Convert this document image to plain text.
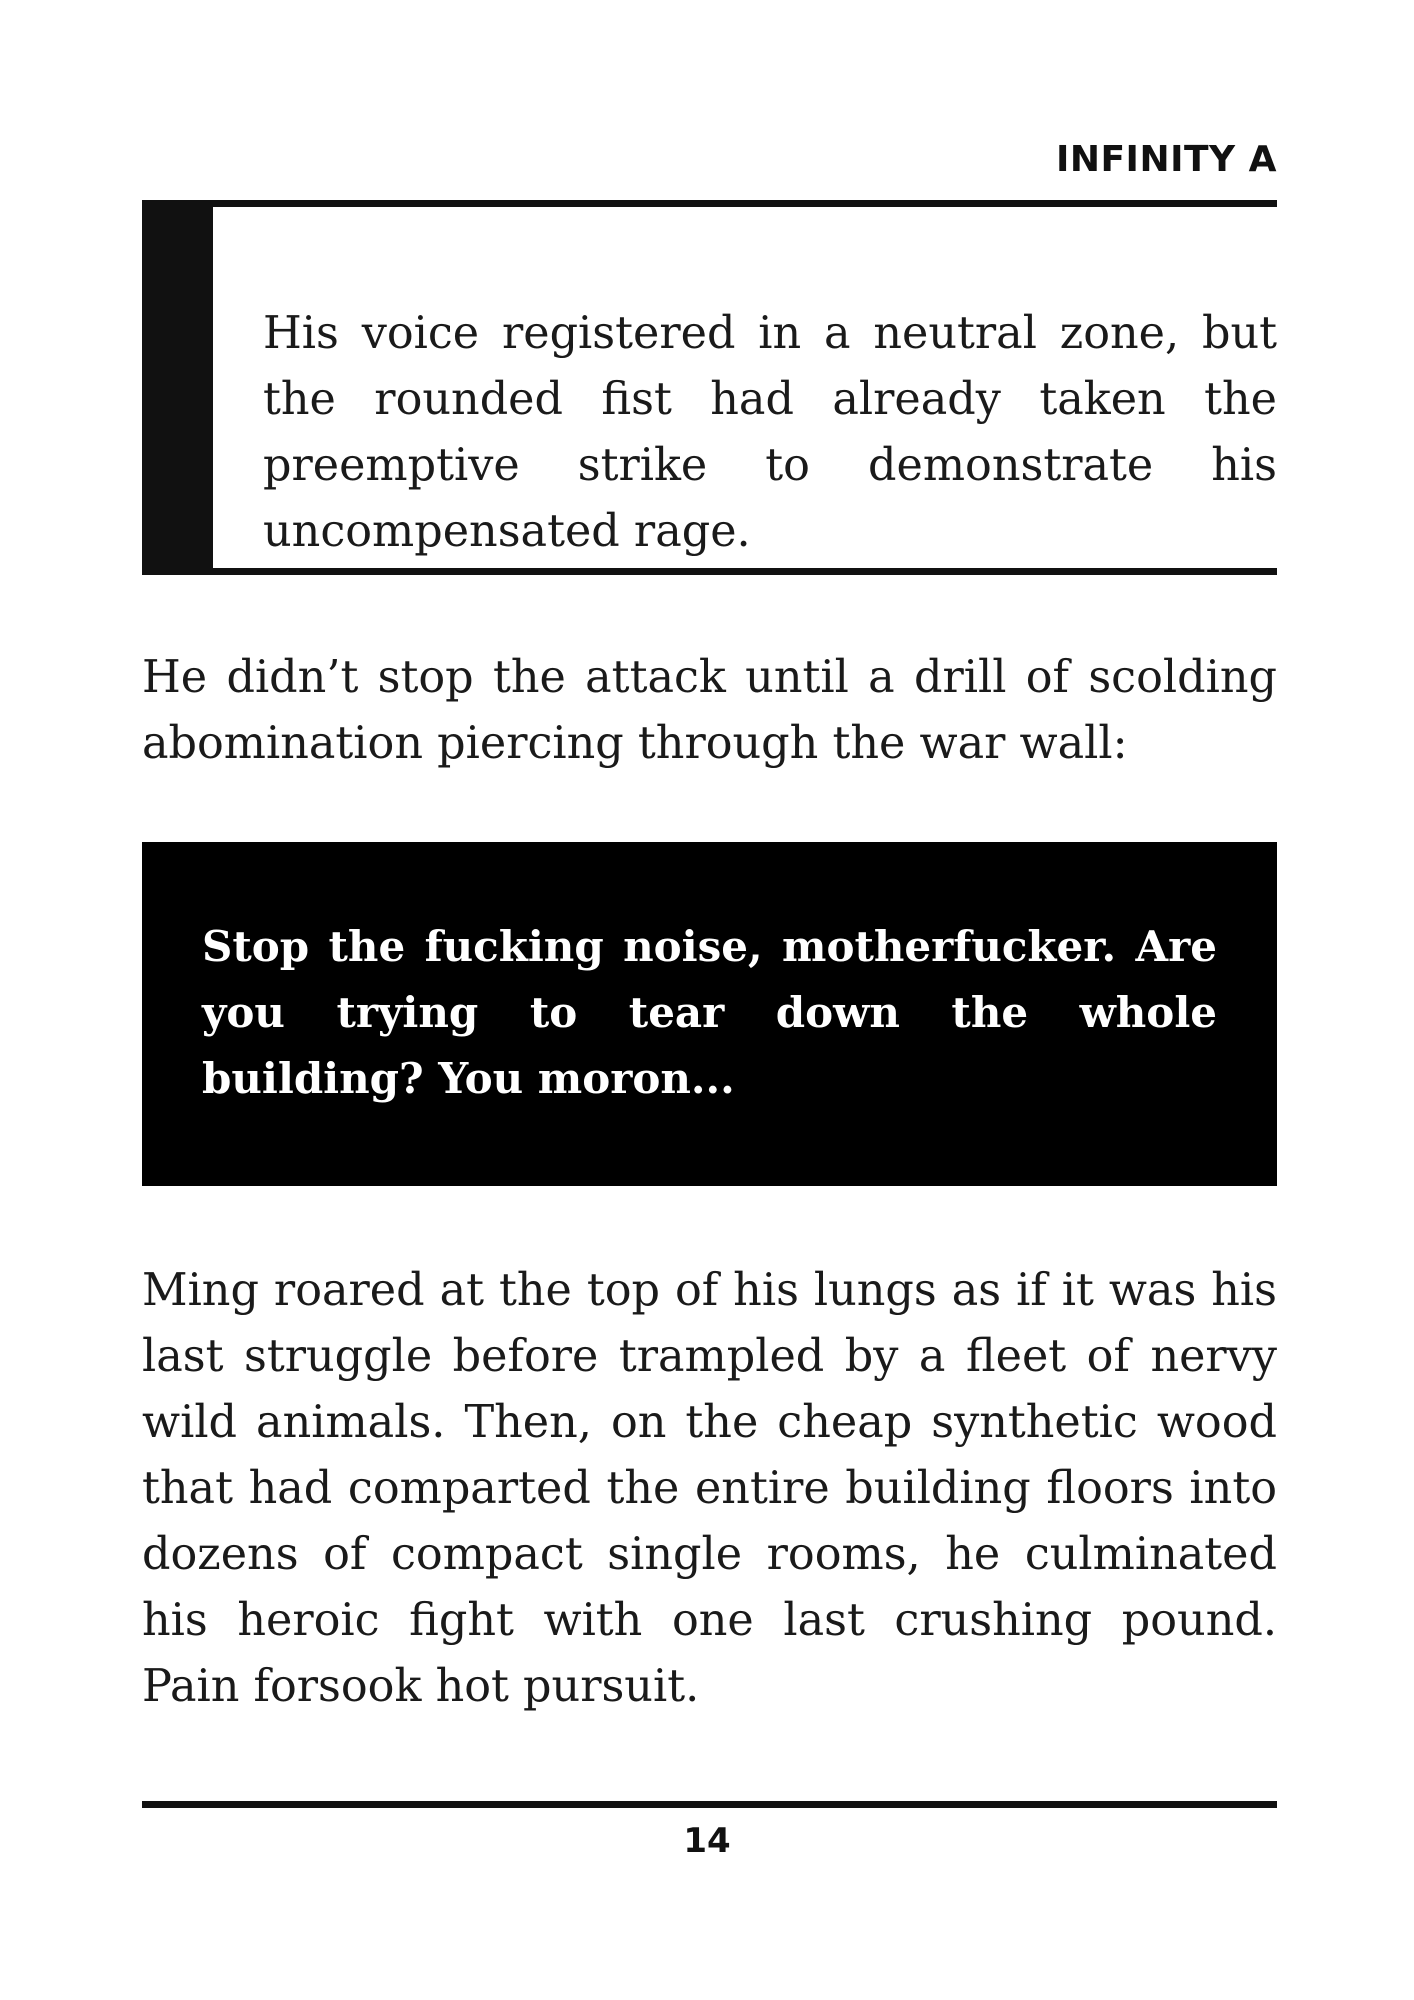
INFINITY A

His voice registered in a neutral zone, but the rounded fist had already taken the preemptive strike to demonstrate his uncompensated rage.

He didn’t stop the attack until a drill of scolding abomination piercing through the war wall:

Stop the fucking noise, motherfucker. Are you trying to tear down the whole building? You moron...

Ming roared at the top of his lungs as if it was his last struggle before trampled by a fleet of nervy wild animals. Then, on the cheap synthetic wood that had comparted the entire building floors into dozens of compact single rooms, he culminated his heroic fight with one last crushing pound. Pain forsook hot pursuit.

14
